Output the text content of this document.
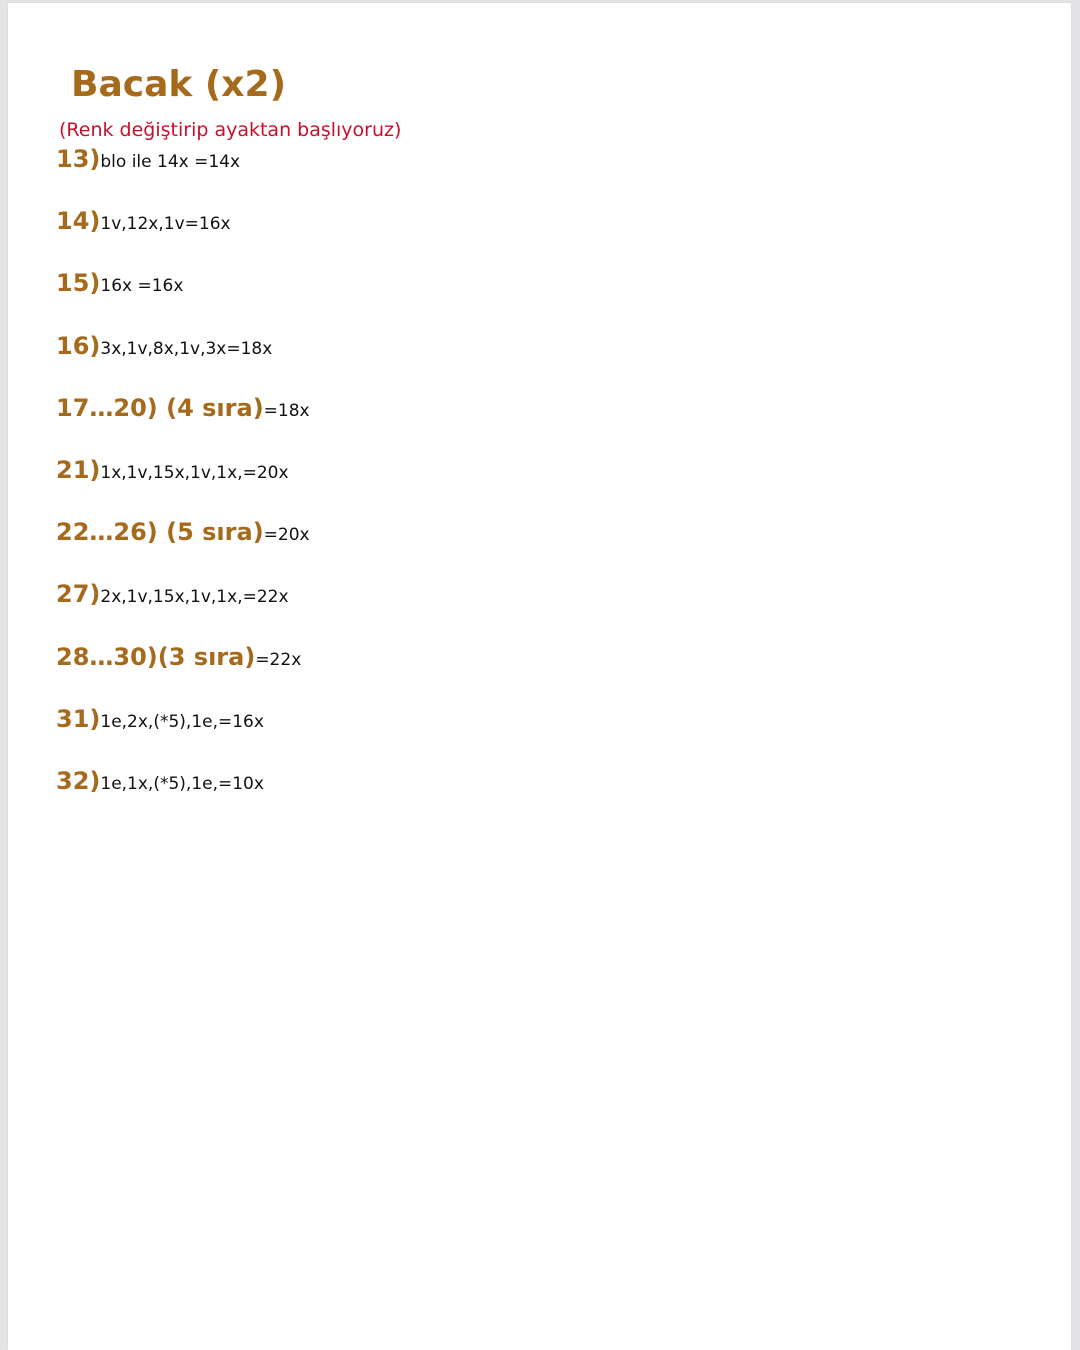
Bacak (x2)

(Renk değiştirip ayaktan başlıyoruz)

13)blo ile 14x =14x
14)1v,12x,1v=16x
15)16x =16x
16)3x,1v,8x,1v,3x=18x
17…20) (4 sıra)=18x
21)1x,1v,15x,1v,1x,=20x
22…26) (5 sıra)=20x
27)2x,1v,15x,1v,1x,=22x
28…30)(3 sıra)=22x
31)1e,2x,(*5),1e,=16x
32)1e,1x,(*5),1e,=10x
